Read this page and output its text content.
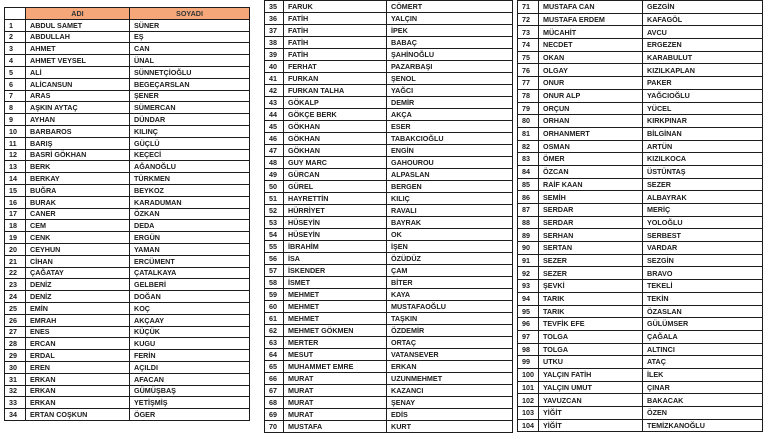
	ADI	SOYADI
1	ABDUL SAMET	SÜNER
2	ABDULLAH	EŞ
3	AHMET	CAN
4	AHMET VEYSEL	ÜNAL
5	ALİ	SÜNNETÇİOĞLU
6	ALİCANSUN	BEGEÇARSLAN
7	ARAS	ŞENER
8	AŞKIN AYTAÇ	SÜMERCAN
9	AYHAN	DÜNDAR
10	BARBAROS	KILINÇ
11	BARIŞ	GÜÇLÜ
12	BASRİ GÖKHAN	KEÇECİ
13	BERK	AĞANOĞLU
14	BERKAY	TÜRKMEN
15	BUĞRA	BEYKOZ
16	BURAK	KARADUMAN
17	CANER	ÖZKAN
18	CEM	DEDA
19	CENK	ERGÜN
20	CEYHUN	YAMAN
21	CİHAN	ERCÜMENT
22	ÇAĞATAY	ÇATALKAYA
23	DENİZ	GELBERİ
24	DENİZ	DOĞAN
25	EMİN	KOÇ
26	EMRAH	AKÇAAY
27	ENES	KÜÇÜK
28	ERCAN	KUGU
29	ERDAL	FERİN
30	EREN	AÇILDI
31	ERKAN	AFACAN
32	ERKAN	GÜMÜŞBAŞ
33	ERKAN	YETİŞMİŞ
34	ERTAN COŞKUN	ÖGER
35	FARUK	CÖMERT
36	FATİH	YALÇIN
37	FATİH	İPEK
38	FATİH	BABAÇ
39	FATİH	ŞAHİNOĞLU
40	FERHAT	PAZARBAŞI
41	FURKAN	ŞENOL
42	FURKAN TALHA	YAĞCI
43	GÖKALP	DEMİR
44	GÖKÇE BERK	AKÇA
45	GÖKHAN	ESER
46	GÖKHAN	TABAKCIOĞLU
47	GÖKHAN	ENGİN
48	GUY MARC	GAHOUROU
49	GÜRCAN	ALPASLAN
50	GÜREL	BERGEN
51	HAYRETTİN	KILIÇ
52	HÜRRİYET	RAVALI
53	HÜSEYİN	BAYRAK
54	HÜSEYİN	OK
55	İBRAHİM	İŞEN
56	İSA	ÖZÜDÜZ
57	İSKENDER	ÇAM
58	İSMET	BİTER
59	MEHMET	KAYA
60	MEHMET	MUSTAFAOĞLU
61	MEHMET	TAŞKIN
62	MEHMET GÖKMEN	ÖZDEMİR
63	MERTER	ORTAÇ
64	MESUT	VATANSEVER
65	MUHAMMET EMRE	ERKAN
66	MURAT	UZUNMEHMET
67	MURAT	KAZANCI
68	MURAT	ŞENAY
69	MURAT	EDİS
70	MUSTAFA	KURT
71	MUSTAFA CAN	GEZGİN
72	MUSTAFA ERDEM	KAFAGÖL
73	MÜCAHİT	AVCU
74	NECDET	ERGEZEN
75	OKAN	KARABULUT
76	OLGAY	KIZILKAPLAN
77	ONUR	PAKER
78	ONUR ALP	YAĞCIOĞLU
79	ORÇUN	YÜCEL
80	ORHAN	KIRKPINAR
81	ORHANMERT	BİLGİNAN
82	OSMAN	ARTÜN
83	ÖMER	KIZILKOCA
84	ÖZCAN	ÜSTÜNTAŞ
85	RAİF KAAN	SEZER
86	SEMİH	ALBAYRAK
87	SERDAR	MERİÇ
88	SERDAR	YOLOĞLU
89	SERHAN	SERBEST
90	SERTAN	VARDAR
91	SEZER	SEZGİN
92	SEZER	BRAVO
93	ŞEVKİ	TEKELİ
94	TARIK	TEKİN
95	TARIK	ÖZASLAN
96	TEVFİK EFE	GÜLÜMSER
97	TOLGA	ÇAĞALA
98	TOLGA	ALTINCI
99	UTKU	ATAÇ
100	YALÇIN FATİH	İLEK
101	YALÇIN UMUT	ÇINAR
102	YAVUZCAN	BAKACAK
103	YİĞİT	ÖZEN
104	YİĞİT	TEMİZKANOĞLU
